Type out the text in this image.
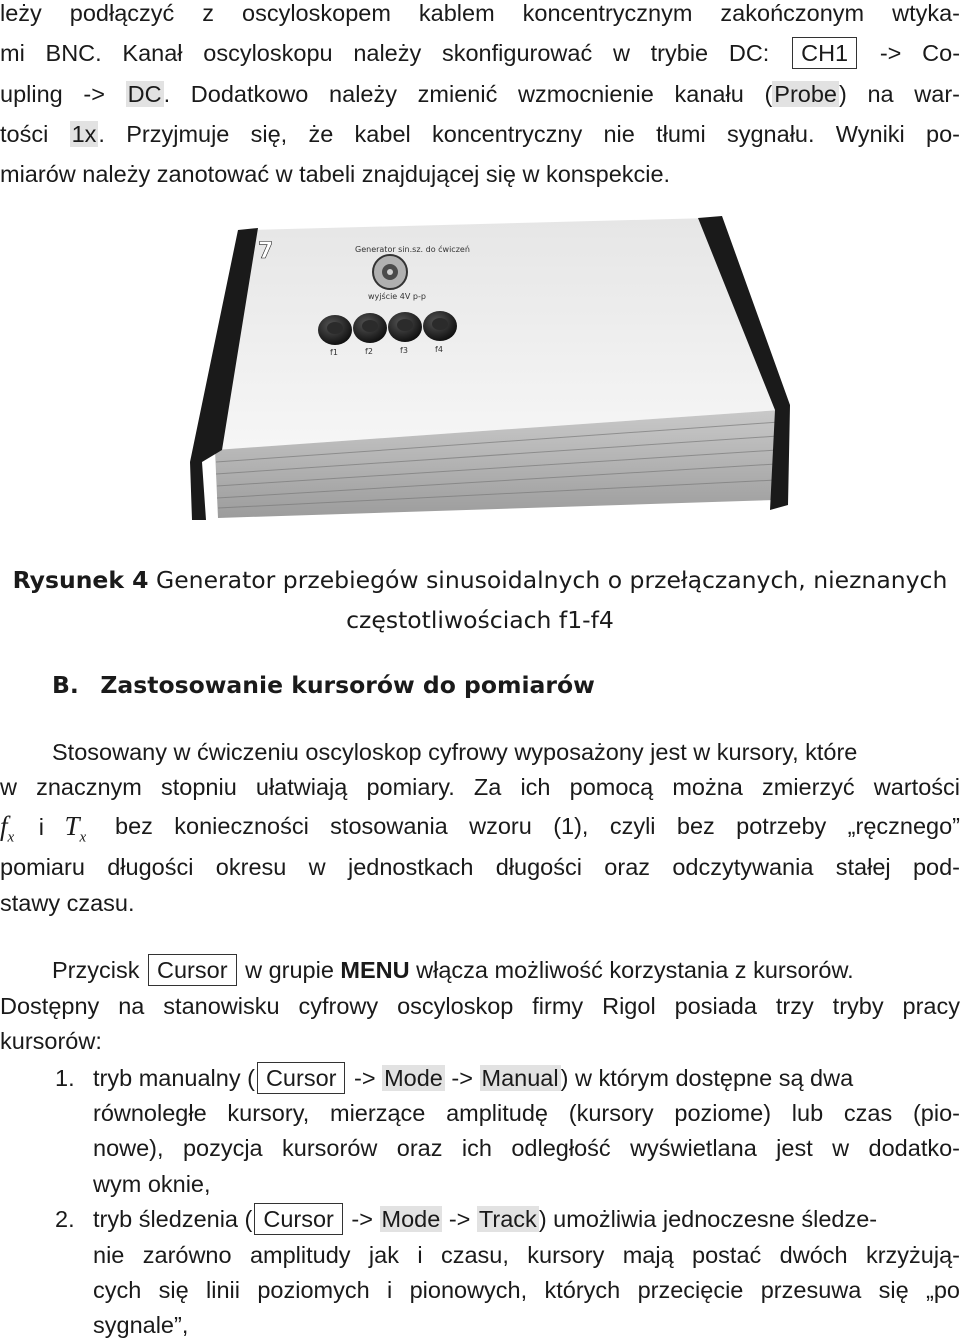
leży podłączyć z oscyloskopem kablem koncentrycznym zakończonym wtyka-
mi BNC. Kanał oscyloskopu należy skonfigurować w trybie DC: CH1 -> Co-
upling -> DC. Dodatkowo należy zmienić wzmocnienie kanału (Probe) na war-
tości 1x. Przyjmuje się, że kabel koncentryczny nie tłumi sygnału. Wyniki po-
miarów należy zanotować w tabeli znajdującej się w konspekcie.
7	Generator sin.sz. do ćwiczeń
wyjście 4V p-p
f1	f2	f3	f4
Rysunek 4 Generator przebiegów sinusoidalnych o przełączanych, nieznanych
częstotliwościach f1-f4
B. Zastosowanie kursorów do pomiarów
Stosowany w ćwiczeniu oscyloskop cyfrowy wyposażony jest w kursory, które
w znacznym stopniu ułatwiają pomiary. Za ich pomocą można zmierzyć wartości
$f_x$ i $T_x$ bez konieczności stosowania wzoru (1), czyli bez potrzeby „ręcznego”
pomiaru długości okresu w jednostkach długości oraz odczytywania stałej pod-
stawy czasu.
Przycisk Cursor w grupie MENU włącza możliwość korzystania z kursorów.
Dostępny na stanowisku cyfrowy oscyloskop firmy Rigol posiada trzy tryby pracy
kursorów:
1. tryb manualny ( Cursor -> Mode -> Manual) w którym dostępne są dwa
równoległe kursory, mierzące amplitudę (kursory poziome) lub czas (pio-
nowe), pozycja kursorów oraz ich odległość wyświetlana jest w dodatko-
wym oknie,
2. tryb śledzenia ( Cursor -> Mode -> Track) umożliwia jednoczesne śledze-
nie zarówno amplitudy jak i czasu, kursory mają postać dwóch krzyżują-
cych się linii poziomych i pionowych, których przecięcie przesuwa się „po
sygnale”,
